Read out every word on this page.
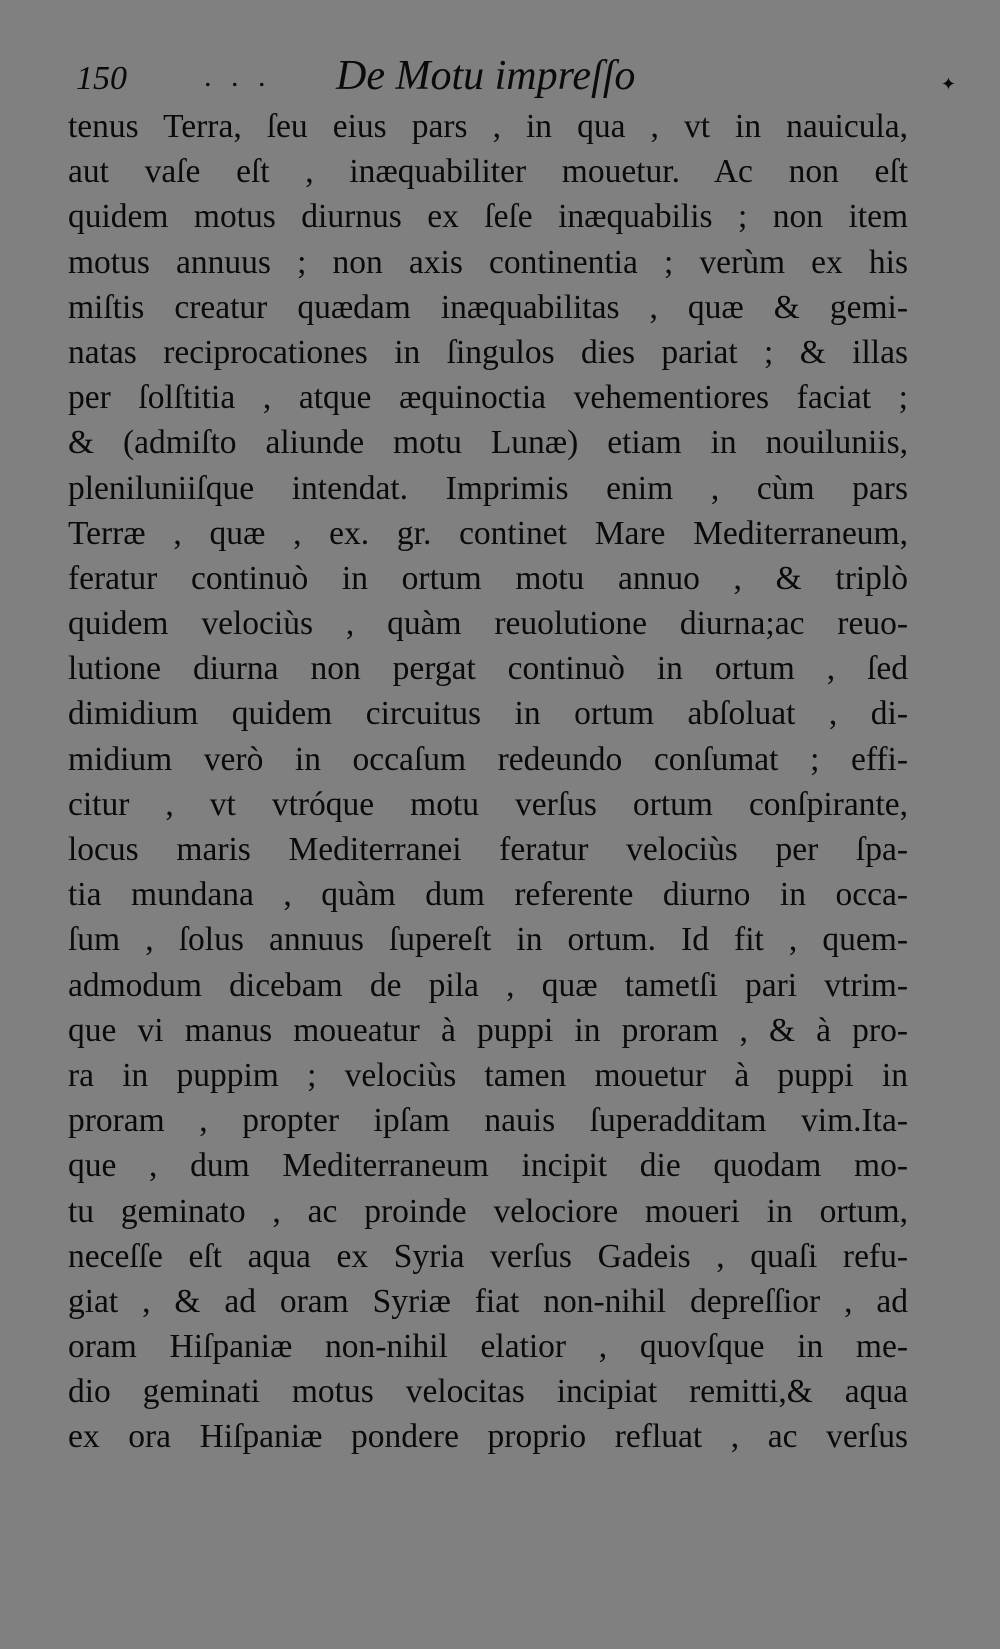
150	. . . De Motu impreſſo	✦
tenus Terra, ſeu eius pars , in qua , vt in nauicula,
aut vaſe eſt , inæquabiliter mouetur. Ac non eſt
quidem motus diurnus ex ſeſe inæquabilis ; non item
motus annuus ; non axis continentia ; verùm ex his
miſtis creatur quædam inæquabilitas , quæ & gemi-
natas reciprocationes in ſingulos dies pariat ; & illas
per ſolſtitia , atque æquinoctia vehementiores faciat ;
& (admiſto aliunde motu Lunæ) etiam in nouiluniis,
pleniluniiſque intendat. Imprimis enim , cùm pars
Terræ , quæ , ex. gr. continet Mare Mediterraneum,
feratur continuò in ortum motu annuo , & triplò
quidem velociùs , quàm reuolutione diurna;ac reuo-
lutione diurna non pergat continuò in ortum , ſed
dimidium quidem circuitus in ortum abſoluat , di-
midium verò in occaſum redeundo conſumat ; effi-
citur , vt vtróque motu verſus ortum conſpirante,
locus maris Mediterranei feratur velociùs per ſpa-
tia mundana , quàm dum referente diurno in occa-
ſum , ſolus annuus ſupereſt in ortum. Id fit , quem-
admodum dicebam de pila , quæ tametſi pari vtrim-
que vi manus moueatur à puppi in proram , & à pro-
ra in puppim ; velociùs tamen mouetur à puppi in
proram , propter ipſam nauis ſuperadditam vim.Ita-
que , dum Mediterraneum incipit die quodam mo-
tu geminato , ac proinde velociore moueri in ortum,
neceſſe eſt aqua ex Syria verſus Gadeis , quaſi refu-
giat , & ad oram Syriæ fiat non-nihil depreſſior , ad
oram Hiſpaniæ non-nihil elatior , quovſque in me-
dio geminati motus velocitas incipiat remitti,& aqua
ex ora Hiſpaniæ pondere proprio refluat , ac verſus
